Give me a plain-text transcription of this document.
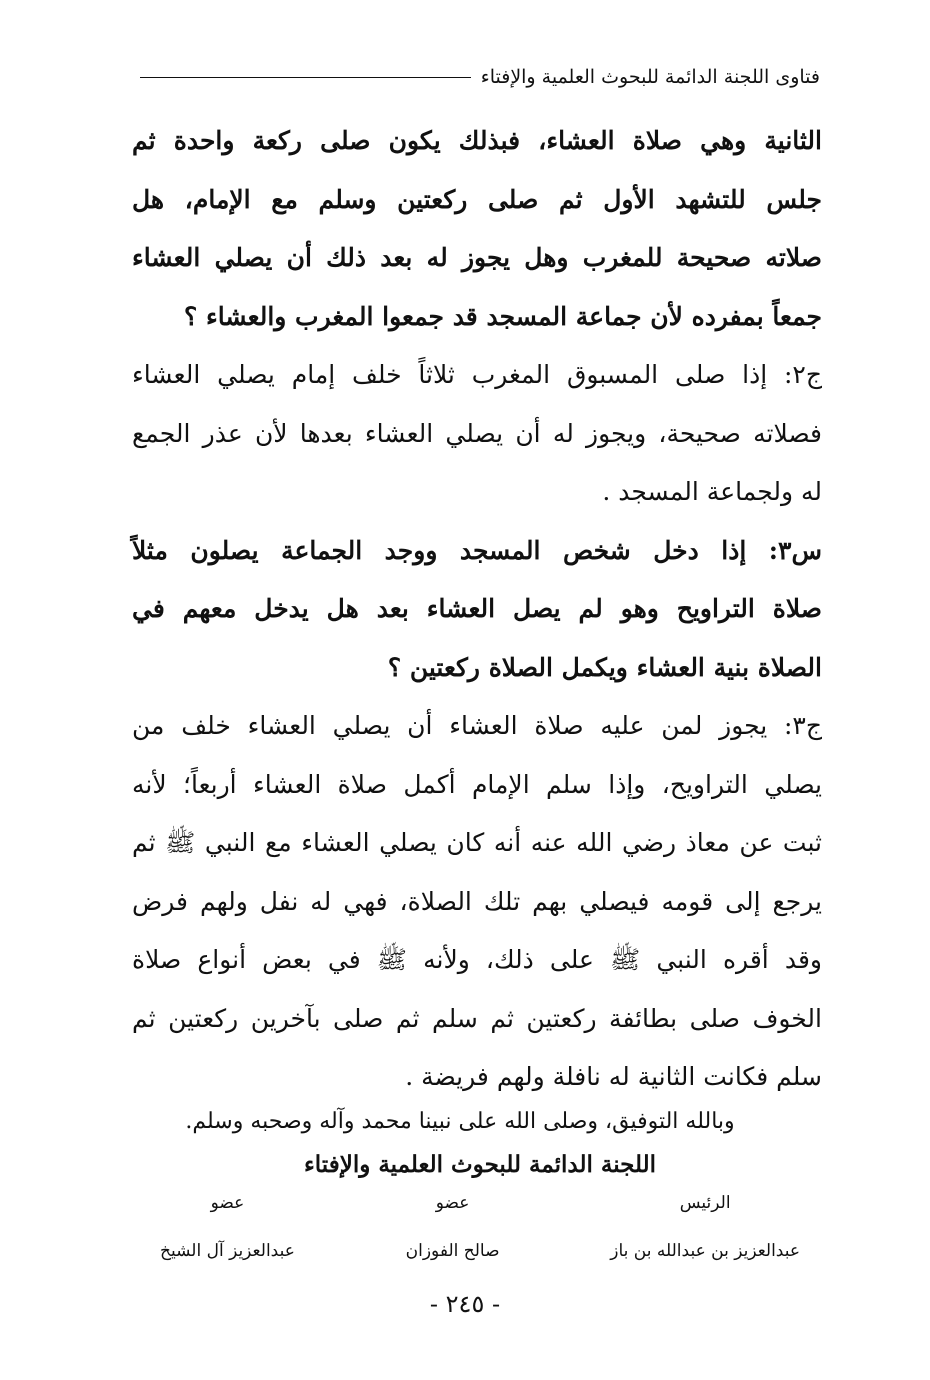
فتاوى اللجنة الدائمة للبحوث العلمية والإفتاء
الثانية وهي صلاة العشاء، فبذلك يكون صلى ركعة واحدة ثم
جلس للتشهد الأول ثم صلى ركعتين وسلم مع الإمام، هل
صلاته صحيحة للمغرب وهل يجوز له بعد ذلك أن يصلي العشاء
جمعاً بمفرده لأن جماعة المسجد قد جمعوا المغرب والعشاء ؟
ج٢: إذا صلى المسبوق المغرب ثلاثاً خلف إمام يصلي العشاء
فصلاته صحيحة، ويجوز له أن يصلي العشاء بعدها لأن عذر الجمع
له ولجماعة المسجد .
س٣: إذا دخل شخص المسجد ووجد الجماعة يصلون مثلاً
صلاة التراويح وهو لم يصل العشاء بعد هل يدخل معهم في
الصلاة بنية العشاء ويكمل الصلاة ركعتين ؟
ج٣: يجوز لمن عليه صلاة العشاء أن يصلي العشاء خلف من
يصلي التراويح، وإذا سلم الإمام أكمل صلاة العشاء أربعاً؛ لأنه
ثبت عن معاذ رضي الله عنه أنه كان يصلي العشاء مع النبي ﷺ ثم
يرجع إلى قومه فيصلي بهم تلك الصلاة، فهي له نفل ولهم فرض
وقد أقره النبي ﷺ على ذلك، ولأنه ﷺ في بعض أنواع صلاة
الخوف صلى بطائفة ركعتين ثم سلم ثم صلى بآخرين ركعتين ثم
سلم فكانت الثانية له نافلة ولهم فريضة .
وبالله التوفيق، وصلى الله على نبينا محمد وآله وصحبه وسلم.
اللجنة الدائمة للبحوث العلمية والإفتاء
الرئيس
عبدالعزيز بن عبدالله بن باز
عضو
صالح الفوزان
عضو
عبدالعزيز آل الشيخ
- ٢٤٥ -
